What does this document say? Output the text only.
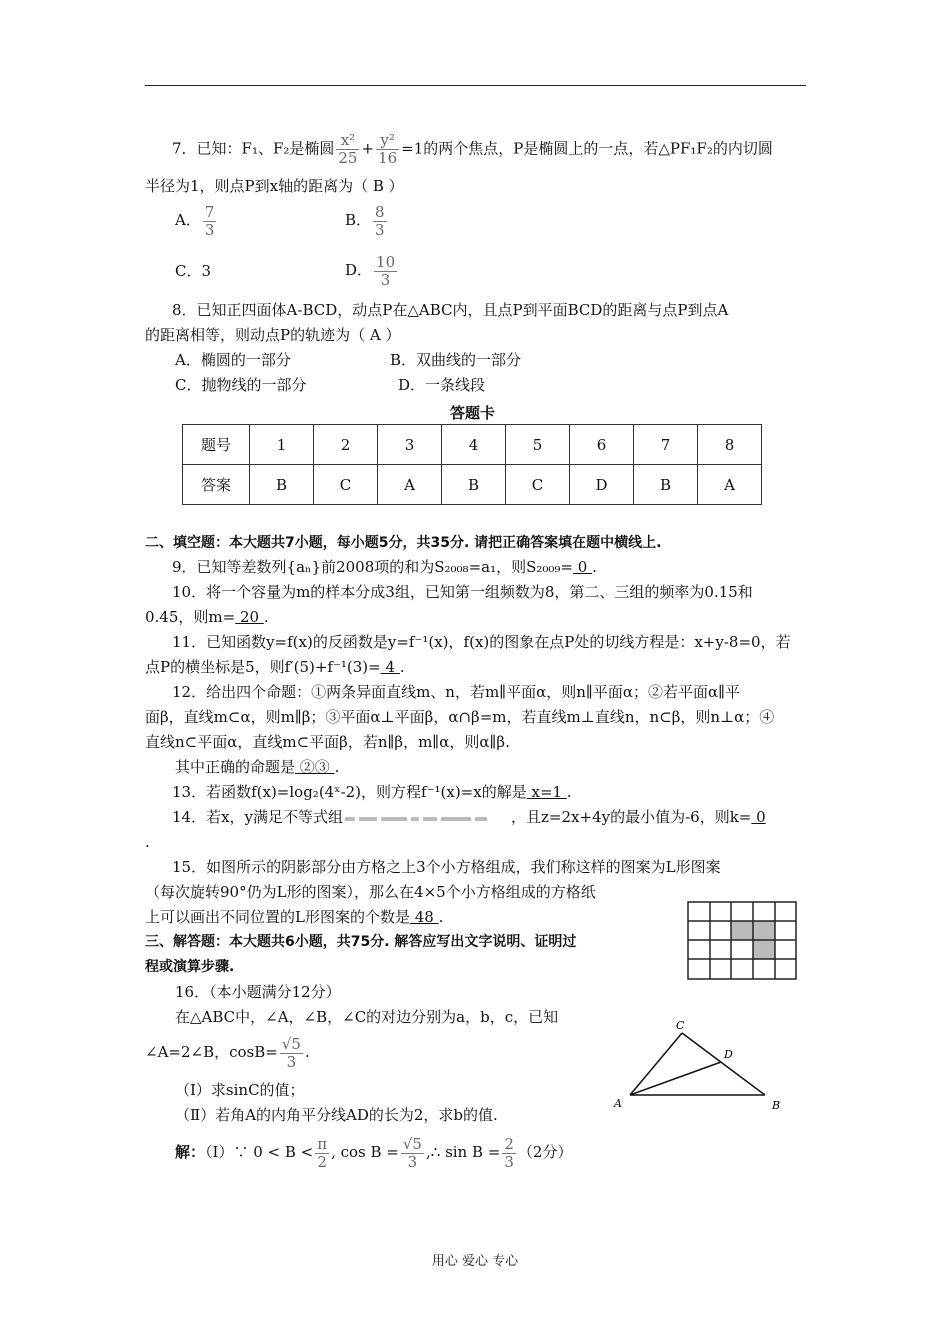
7．已知：F₁、F₂是椭圆 $\frac{\text{x²}}{25} + \frac{\text{y²}}{16} =1$的两个焦点，P是椭圆上的一点，若△PF₁F₂的内切圆
半径为1，则点P到x轴的距离为（ B ）
A． $\frac{7}{3}$	B． $\frac{8}{3}$
C．3	D． $\frac{10}{3}$
8．已知正四面体A-BCD，动点P在△ABC内，且点P到平面BCD的距离与点P到点A
的距离相等，则动点P的轨迹为（ A ）
A．椭圆的一部分	B．双曲线的一部分
C．抛物线的一部分	D．一条线段
答题卡
题号	1	2	3	4	5	6	7	8
答案	B	C	A	B	C	D	B	A
二、填空题：本大题共7小题，每小题5分，共35分. 请把正确答案填在题中横线上.
9．已知等差数列{aₙ}前2008项的和为S₂₀₀₈=a₁，则S₂₀₀₉= 0 .
10．将一个容量为m的样本分成3组，已知第一组频数为8，第二、三组的频率为0.15和
0.45，则m= 20 .
11．已知函数y=f(x)的反函数是y=f⁻¹(x)，f(x)的图象在点P处的切线方程是：x+y-8=0，若
点P的横坐标是5，则f′(5)+f⁻¹(3)= 4 .
12．给出四个命题：①两条异面直线m、n，若m∥平面α，则n∥平面α；②若平面α∥平
面β，直线m⊂α，则m∥β；③平面α⊥平面β，α∩β=m，若直线m⊥直线n，n⊂β，则n⊥α；④
直线n⊂平面α，直线m⊂平面β，若n∥β，m∥α，则α∥β.
其中正确的命题是 ②③ .
13．若函数f(x)=log₂(4ˣ-2)，则方程f⁻¹(x)=x的解是 x=1 .
14．若x，y满足不等式组	，且z=2x+4y的最小值为-6，则k= 0
.
15．如图所示的阴影部分由方格之上3个小方格组成，我们称这样的图案为L形图案
（每次旋转90°仍为L形的图案），那么在4×5个小方格组成的方格纸
上可以画出不同位置的L形图案的个数是 48 .
三、解答题：本大题共6小题，共75分. 解答应写出文字说明、证明过
程或演算步骤.
16．（本小题满分12分）
在△ABC中，∠A，∠B，∠C的对边分别为a，b，c，已知
∠A=2∠B，$\cos B= \frac{√5}{3}$ .
（Ⅰ）求sinC的值；
（Ⅱ）若角A的内角平分线AD的长为2，求b的值.
解：（Ⅰ）∵ $0 < B < \frac{\pi}{2}$ , $\cos B = \frac{√5}{3}$ ,∴ $\sin B = \frac{2}{3} (2$分）
C
D
A	B
用心 爱心 专心
